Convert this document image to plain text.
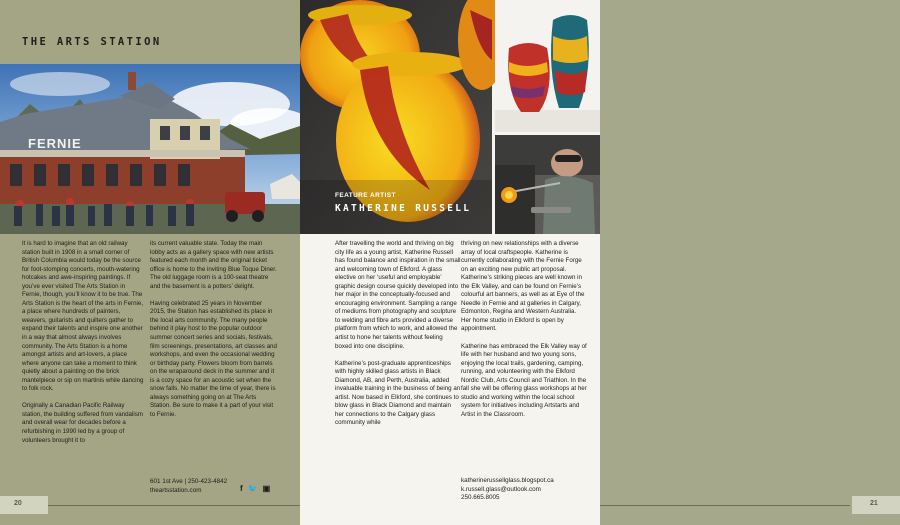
THE ARTS STATION
FERNIE

It is hard to imagine that an old railway station built in 1908 in a small corner of British Columbia would today be the source for foot-stomping concerts, mouth-watering hotcakes and awe-inspiring paintings. If you’ve ever visited The Arts Station in Fernie, though, you’ll know it to be true. The Arts Station is the heart of the arts in Fernie, a place where hundreds of painters, weavers, guitarists and quilters gather to expand their talents and inspire one another in a way that almost always involves community. The Arts Station is a home amongst artists and art-lovers, a place where anyone can take a moment to think quietly about a painting on the brick mantelpiece or sip on martinis while dancing to folk rock.

Originally a Canadian Pacific Railway station, the building suffered from vandalism and overall wear for decades before a refurbishing in 1990 led by a group of volunteers brought it to

its current valuable state. Today the main lobby acts as a gallery space with new artists featured each month and the original ticket office is home to the inviting Blue Toque Diner. The old luggage room is a 100-seat theatre and the basement is a potters’ delight.

Having celebrated 25 years in November 2015, the Station has established its place in the local arts community. The many people behind it play host to the popular outdoor summer concert series and socials, festivals, film screenings, presentations, art classes and workshops, and even the occasional wedding or birthday party. Flowers bloom from barrels on the wraparound deck in the summer and it is a cozy space for an acoustic set when the snow falls. No matter the time of year, there is always something going on at The Arts Station. Be sure to make it a part of your visit to Fernie.

601 1st Ave | 250-423-4842
theartsstation.com	f 🐦 ▣
20
FEATURE ARTIST
KATHERINE RUSSELL
21

After travelling the world and thriving on big city life as a young artist, Katherine Russell has found balance and inspiration in the small and welcoming town of Elkford. A glass elective on her ‘useful and employable’ graphic design course quickly developed into her major in the conceptually-focused and encouraging environment. Sampling a range of mediums from photography and sculpture to welding and fibre arts provided a diverse platform from which to work, and allowed the artist to hone her talents without feeling boxed into one discipline.

Katherine’s post-graduate apprenticeships with highly skilled glass artists in Black Diamond, AB, and Perth, Australia, added invaluable training in the business of being an artist. Now based in Elkford, she continues to blow glass in Black Diamond and maintain her connections to the Calgary glass community while

thriving on new relationships with a diverse array of local craftspeople. Katherine is currently collaborating with the Fernie Forge on an exciting new public art proposal. Katherine’s striking pieces are well known in the Elk Valley, and can be found on Fernie’s colourful art banners, as well as at Eye of the Needle in Fernie and at galleries in Calgary, Edmonton, Regina and Western Australia. Her home studio in Elkford is open by appointment.

Katherine has embraced the Elk Valley way of life with her husband and two young sons, enjoying the local trails, gardening, camping, running, and volunteering with the Elkford Nordic Club, Arts Council and Triathlon. In the fall she will be offering glass workshops at her studio and working within the local school system for initiatives including Artstarts and Artist in the Classroom.

katherinerussellglass.blogspot.ca
k.russell.glass@outlook.com
250.665.8005
